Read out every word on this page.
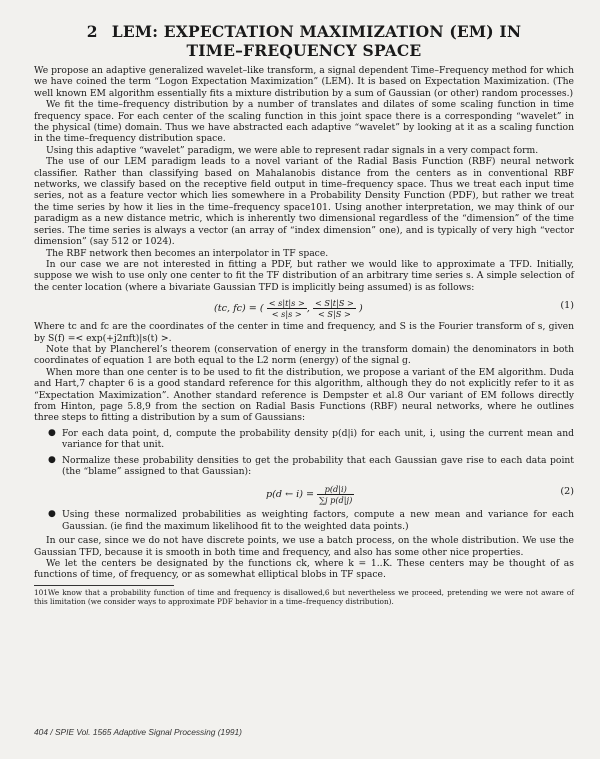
2 LEM: EXPECTATION MAXIMIZATION (EM) IN
TIME–FREQUENCY SPACE

We propose an adaptive generalized wavelet–like transform, a signal dependent Time–Frequency method for which we have coined the term “Logon Expectation Maximization” (LEM). It is based on Expectation Maximization. (The well known EM algorithm essentially fits a mixture distribution by a sum of Gaussian (or other) random processes.)

We fit the time–frequency distribution by a number of translates and dilates of some scaling function in time frequency space. For each center of the scaling function in this joint space there is a corresponding “wavelet” in the physical (time) domain. Thus we have abstracted each adaptive “wavelet” by looking at it as a scaling function in the time–frequency distribution space.

Using this adaptive “wavelet” paradigm, we were able to represent radar signals in a very compact form.

The use of our LEM paradigm leads to a novel variant of the Radial Basis Function (RBF) neural network classifier. Rather than classifying based on Mahalanobis distance from the centers as in conventional RBF networks, we classify based on the receptive field output in time–frequency space. Thus we treat each input time series, not as a feature vector which lies somewhere in a Probability Density Function (PDF), but rather we treat the time series by how it lies in the time–frequency space101. Using another interpretation, we may think of our paradigm as a new distance metric, which is inherently two dimensional regardless of the “dimension” of the time series. The time series is always a vector (an array of “index dimension” one), and is typically of very high “vector dimension” (say 512 or 1024).

The RBF network then becomes an interpolator in TF space.

In our case we are not interested in fitting a PDF, but rather we would like to approximate a TFD. Initially, suppose we wish to use only one center to fit the TF distribution of an arbitrary time series s. A simple selection of the center location (where a bivariate Gaussian TFD is implicitly being assumed) is as follows:

(tc, fc) = ( $\frac{< s|t|s >}{< s|s >}$ , $\frac{< S|t|S >}{< S|S >}$ )	(1)

Where tc and fc are the coordinates of the center in time and frequency, and S is the Fourier transform of s, given by S(f) =< exp(+j2πft)|s(t) >.

Note that by Plancherel’s theorem (conservation of energy in the transform domain) the denominators in both coordinates of equation 1 are both equal to the L2 norm (energy) of the signal g.

When more than one center is to be used to fit the distribution, we propose a variant of the EM algorithm. Duda and Hart,7 chapter 6 is a good standard reference for this algorithm, although they do not explicitly refer to it as “Expectation Maximization”. Another standard reference is Dempster et al.8 Our variant of EM follows directly from Hinton, page 5.8,9 from the section on Radial Basis Functions (RBF) neural networks, where he outlines three steps to fitting a distribution by a sum of Gaussians:

● For each data point, d, compute the probability density p(d|i) for each unit, i, using the current mean and variance for that unit.
● Normalize these probability densities to get the probability that each Gaussian gave rise to each data point (the “blame” assigned to that Gaussian):
p(d ← $i) = \frac{p(d|i)}{\text{∑j p(d|j)}}$	(2)
● Using these normalized probabilities as weighting factors, compute a new mean and variance for each Gaussian. (ie find the maximum likelihood fit to the weighted data points.)

In our case, since we do not have discrete points, we use a batch process, on the whole distribution. We use the Gaussian TFD, because it is smooth in both time and frequency, and also has some other nice properties.

We let the centers be designated by the functions ck, where k = 1..K. These centers may be thought of as functions of time, of frequency, or as somewhat elliptical blobs in TF space.

101We know that a probability function of time and frequency is disallowed,6 but nevertheless we proceed, pretending we were not aware of this limitation (we consider ways to approximate PDF behavior in a time–frequency distribution).

404 / SPIE Vol. 1565 Adaptive Signal Processing (1991)
